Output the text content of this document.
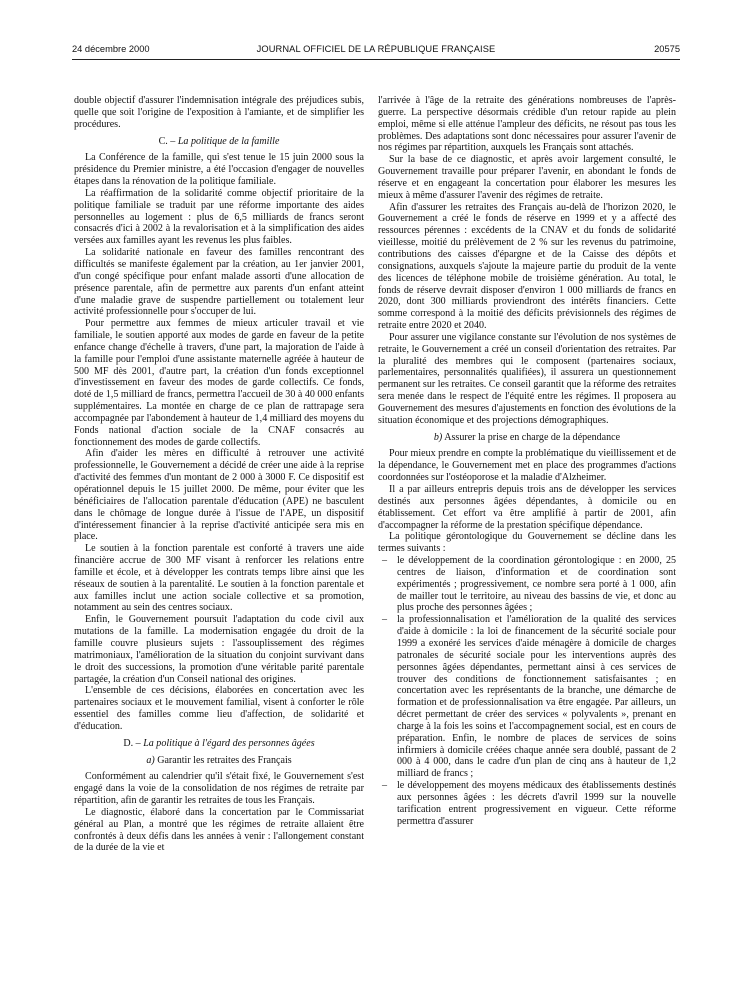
24 décembre 2000	JOURNAL OFFICIEL DE LA RÉPUBLIQUE FRANÇAISE	20575

double objectif d'assurer l'indemnisation intégrale des préjudices subis, quelle que soit l'origine de l'exposition à l'amiante, et de simplifier les procédures.

C. – La politique de la famille

La Conférence de la famille, qui s'est tenue le 15 juin 2000 sous la présidence du Premier ministre, a été l'occasion d'engager de nouvelles étapes dans la rénovation de la politique familiale.

La réaffirmation de la solidarité comme objectif prioritaire de la politique familiale se traduit par une réforme importante des aides personnelles au logement : plus de 6,5 milliards de francs seront consacrés d'ici à 2002 à la revalorisation et à la simplification des aides versées aux familles ayant les revenus les plus faibles.

La solidarité nationale en faveur des familles rencontrant des difficultés se manifeste également par la création, au 1er janvier 2001, d'un congé spécifique pour enfant malade assorti d'une allocation de présence parentale, afin de permettre aux parents d'un enfant atteint d'une maladie grave de suspendre partiellement ou totalement leur activité professionnelle pour s'occuper de lui.

Pour permettre aux femmes de mieux articuler travail et vie familiale, le soutien apporté aux modes de garde en faveur de la petite enfance change d'échelle à travers, d'une part, la majoration de l'aide à la famille pour l'emploi d'une assistante maternelle agréée à hauteur de 500 MF dès 2001, d'autre part, la création d'un fonds exceptionnel d'investissement en faveur des modes de garde collectifs. Ce fonds, doté de 1,5 milliard de francs, permettra l'accueil de 30 à 40 000 enfants supplémentaires. La montée en charge de ce plan de rattrapage sera accompagnée par l'abondement à hauteur de 1,4 milliard des moyens du Fonds national d'action sociale de la CNAF consacrés au fonctionnement des modes de garde collectifs.

Afin d'aider les mères en difficulté à retrouver une activité professionnelle, le Gouvernement a décidé de créer une aide à la reprise d'activité des femmes d'un montant de 2 000 à 3000 F. Ce dispositif est opérationnel depuis le 15 juillet 2000. De même, pour éviter que les bénéficiaires de l'allocation parentale d'éducation (APE) ne basculent dans le chômage de longue durée à l'issue de l'APE, un dispositif d'intéressement financier à la reprise d'activité anticipée sera mis en place.

Le soutien à la fonction parentale est conforté à travers une aide financière accrue de 300 MF visant à renforcer les relations entre famille et école, et à développer les contrats temps libre ainsi que les réseaux de soutien à la parentalité. Le soutien à la fonction parentale et aux familles inclut une action sociale collective et sa promotion, notamment au sein des centres sociaux.

Enfin, le Gouvernement poursuit l'adaptation du code civil aux mutations de la famille. La modernisation engagée du droit de la famille couvre plusieurs sujets : l'assouplissement des régimes matrimoniaux, l'amélioration de la situation du conjoint survivant dans le droit des successions, la promotion d'une véritable parité parentale partagée, la création d'un Conseil national des origines.

L'ensemble de ces décisions, élaborées en concertation avec les partenaires sociaux et le mouvement familial, visent à conforter le rôle essentiel des familles comme lieu d'affection, de solidarité et d'éducation.

D. – La politique à l'égard des personnes âgées
a) Garantir les retraites des Français

Conformément au calendrier qu'il s'était fixé, le Gouvernement s'est engagé dans la voie de la consolidation de nos régimes de retraite par répartition, afin de garantir les retraites de tous les Français.

Le diagnostic, élaboré dans la concertation par le Commissariat général au Plan, a montré que les régimes de retraite allaient être confrontés à deux défis dans les années à venir : l'allongement constant de la durée de la vie et

l'arrivée à l'âge de la retraite des générations nombreuses de l'après-guerre. La perspective désormais crédible d'un retour rapide au plein emploi, même si elle atténue l'ampleur des déficits, ne résout pas tous les problèmes. Des adaptations sont donc nécessaires pour assurer l'avenir de nos régimes par répartition, auxquels les Français sont attachés.

Sur la base de ce diagnostic, et après avoir largement consulté, le Gouvernement travaille pour préparer l'avenir, en abondant le fonds de réserve et en engageant la concertation pour élaborer les mesures les mieux à même d'assurer l'avenir des régimes de retraite.

Afin d'assurer les retraites des Français au-delà de l'horizon 2020, le Gouvernement a créé le fonds de réserve en 1999 et y a affecté des ressources pérennes : excédents de la CNAV et du fonds de solidarité vieillesse, moitié du prélèvement de 2 % sur les revenus du patrimoine, contributions des caisses d'épargne et de la Caisse des dépôts et consignations, auxquels s'ajoute la majeure partie du produit de la vente des licences de téléphone mobile de troisième génération. Au total, le fonds de réserve devrait disposer d'environ 1 000 milliards de francs en 2020, dont 300 milliards proviendront des intérêts financiers. Cette somme correspond à la moitié des déficits prévisionnels des régimes de retraite entre 2020 et 2040.

Pour assurer une vigilance constante sur l'évolution de nos systèmes de retraite, le Gouvernement a créé un conseil d'orientation des retraites. Par la pluralité des membres qui le composent (partenaires sociaux, parlementaires, personnalités qualifiées), il assurera un questionnement permanent sur les retraites. Ce conseil garantit que la réforme des retraites sera menée dans le respect de l'équité entre les régimes. Il proposera au Gouvernement des mesures d'ajustements en fonction des évolutions de la situation économique et des projections démographiques.

b) Assurer la prise en charge de la dépendance

Pour mieux prendre en compte la problématique du vieillissement et de la dépendance, le Gouvernement met en place des programmes d'actions coordonnées sur l'ostéoporose et la maladie d'Alzheimer.

Il a par ailleurs entrepris depuis trois ans de développer les services destinés aux personnes âgées dépendantes, à domicile ou en établissement. Cet effort va être amplifié à partir de 2001, afin d'accompagner la réforme de la prestation spécifique dépendance.

La politique gérontologique du Gouvernement se décline dans les termes suivants :

– le développement de la coordination gérontologique : en 2000, 25 centres de liaison, d'information et de coordination sont expérimentés ; progressivement, ce nombre sera porté à 1 000, afin de mailler tout le territoire, au niveau des bassins de vie, et donc au plus proche des personnes âgées ;
– la professionnalisation et l'amélioration de la qualité des services d'aide à domicile : la loi de financement de la sécurité sociale pour 1999 a exonéré les services d'aide ménagère à domicile de charges patronales de sécurité sociale pour les interventions auprès des personnes âgées dépendantes, permettant ainsi à ces services de trouver des conditions de fonctionnement satisfaisantes ; en concertation avec les représentants de la branche, une démarche de formation et de professionnalisation va être engagée. Par ailleurs, un décret permettant de créer des services « polyvalents », prenant en charge à la fois les soins et l'accompagnement social, est en cours de préparation. Enfin, le nombre de places de services de soins infirmiers à domicile créées chaque année sera doublé, passant de 2 000 à 4 000, dans le cadre d'un plan de cinq ans à hauteur de 1,2 milliard de francs ;
– le développement des moyens médicaux des établissements destinés aux personnes âgées : les décrets d'avril 1999 sur la nouvelle tarification entrent progressivement en vigueur. Cette réforme permettra d'assurer
